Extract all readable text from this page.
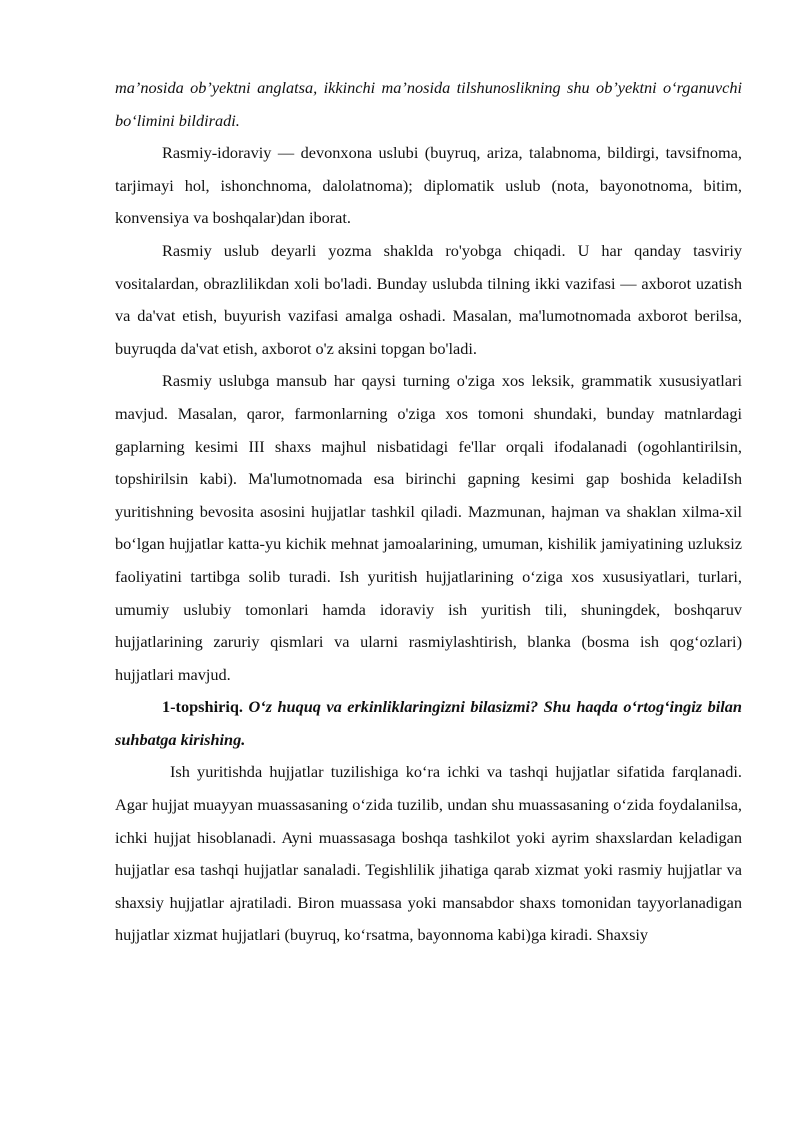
ma’nosida ob’yektni anglatsa, ikkinchi ma’nosida tilshunoslikning shu ob’yektni o‘rganuvchi bo‘limini bildiradi.

Rasmiy-idoraviy — devonxona uslubi (buyruq, ariza, talabnoma, bildirgi, tavsifnoma, tarjimayi hol, ishonchnoma, dalolatnoma); diplomatik uslub (nota, bayonotnoma, bitim, konvensiya va boshqalar)dan iborat.

Rasmiy uslub deyarli yozma shaklda ro'yobga chiqadi. U har qanday tasviriy vositalardan, obrazlilikdan xoli bo'ladi. Bunday uslubda tilning ikki vazifasi — axborot uzatish va da'vat etish, buyurish vazifasi amalga oshadi. Masalan, ma'lumotnomada axborot berilsa, buyruqda da'vat etish, axborot o'z aksini topgan bo'ladi.

Rasmiy uslubga mansub har qaysi turning o'ziga xos leksik, grammatik xususiyatlari mavjud. Masalan, qaror, farmonlarning o'ziga xos tomoni shundaki, bunday matnlardagi gaplarning kesimi III shaxs majhul nisbatidagi fe'llar orqali ifodalanadi (ogohlantirilsin, topshirilsin kabi). Ma'lumotnomada esa birinchi gapning kesimi gap boshida keladiIsh yuritishning bevosita asosini hujjatlar tashkil qiladi. Mazmunan, hajman va shaklan xilma-xil bo‘lgan hujjatlar katta-yu kichik mehnat jamoalarining, umuman, kishilik jamiyatining uzluksiz faoliyatini tartibga solib turadi. Ish yuritish hujjatlarining o‘ziga xos xususiyatlari, turlari, umumiy uslubiy tomonlari hamda idoraviy ish yuritish tili, shuningdek, boshqaruv hujjatlarining zaruriy qismlari va ularni rasmiylashtirish, blanka (bosma ish qog‘ozlari) hujjatlari mavjud.

1-topshiriq. O‘z huquq va erkinliklaringizni bilasizmi? Shu haqda o‘rtog‘ingiz bilan suhbatga kirishing.

Ish yuritishda hujjatlar tuzilishiga ko‘ra ichki va tashqi hujjatlar sifatida farqlanadi. Agar hujjat muayyan muassasaning o‘zida tuzilib, undan shu muassasaning o‘zida foydalanilsa, ichki hujjat hisoblanadi. Ayni muassasaga boshqa tashkilot yoki ayrim shaxslardan keladigan hujjatlar esa tashqi hujjatlar sanaladi. Tegishlilik jihatiga qarab xizmat yoki rasmiy hujjatlar va shaxsiy hujjatlar ajratiladi. Biron muassasa yoki mansabdor shaxs tomonidan tayyorlanadigan hujjatlar xizmat hujjatlari (buyruq, ko‘rsatma, bayonnoma kabi)ga kiradi. Shaxsiy
